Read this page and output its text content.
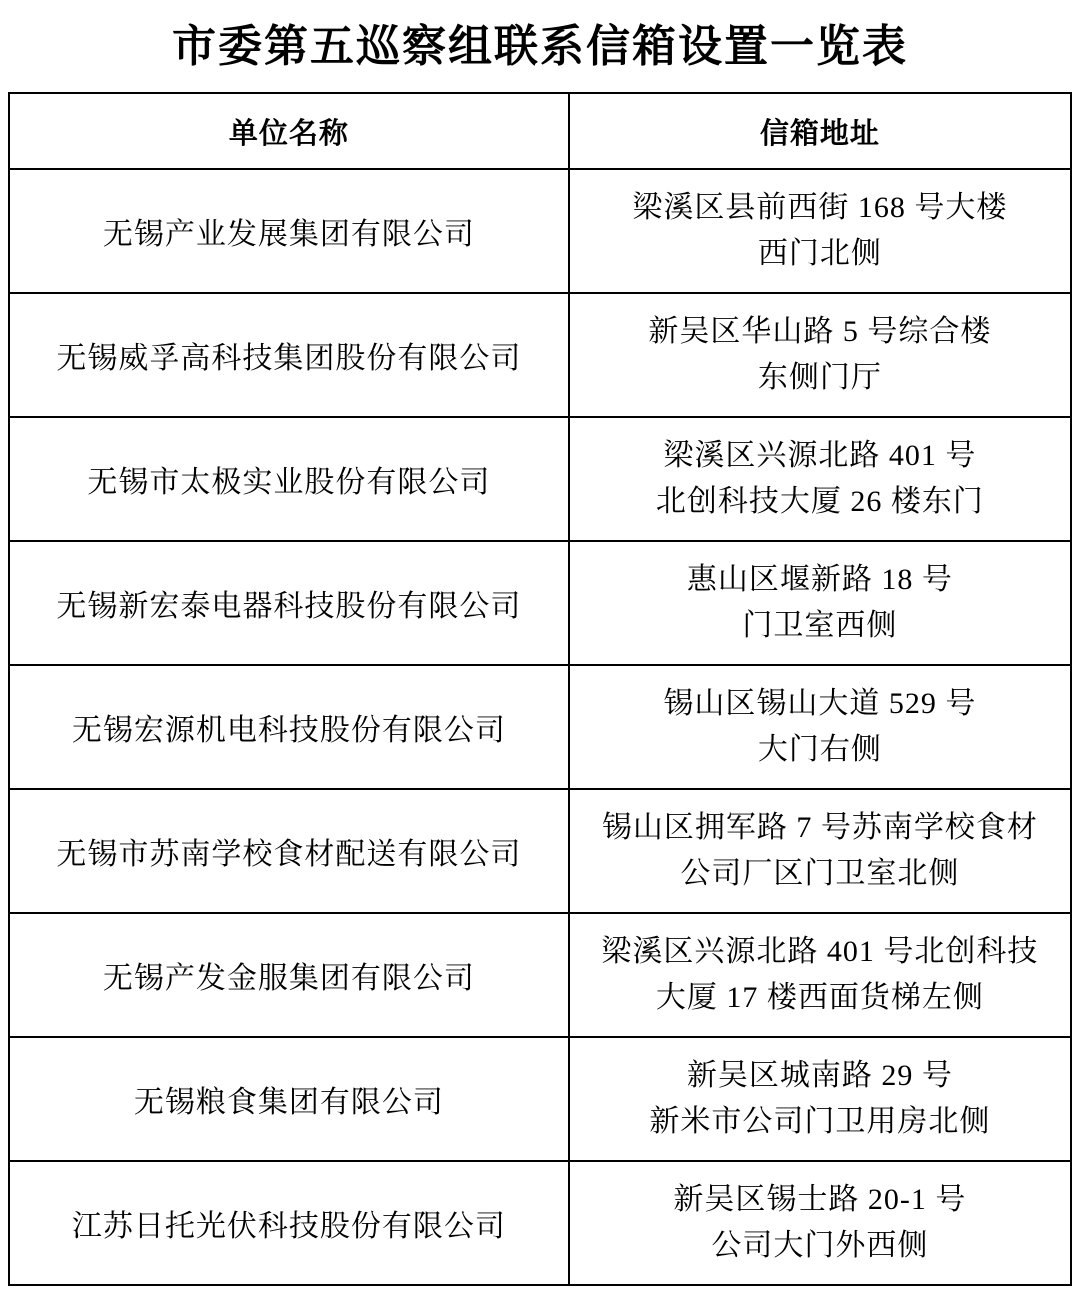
市委第五巡察组联系信箱设置一览表
单位名称	信箱地址
无锡产业发展集团有限公司	梁溪区县前西街 168 号大楼
西门北侧

无锡威孚高科技集团股份有限公司	新吴区华山路 5 号综合楼
东侧门厅

无锡市太极实业股份有限公司	梁溪区兴源北路 401 号
北创科技大厦 26 楼东门

无锡新宏泰电器科技股份有限公司	惠山区堰新路 18 号
门卫室西侧

无锡宏源机电科技股份有限公司	锡山区锡山大道 529 号
大门右侧

无锡市苏南学校食材配送有限公司	锡山区拥军路 7 号苏南学校食材
公司厂区门卫室北侧

无锡产发金服集团有限公司	梁溪区兴源北路 401 号北创科技
大厦 17 楼西面货梯左侧

无锡粮食集团有限公司	新吴区城南路 29 号
新米市公司门卫用房北侧

江苏日托光伏科技股份有限公司	新吴区锡士路 20-1 号
公司大门外西侧
